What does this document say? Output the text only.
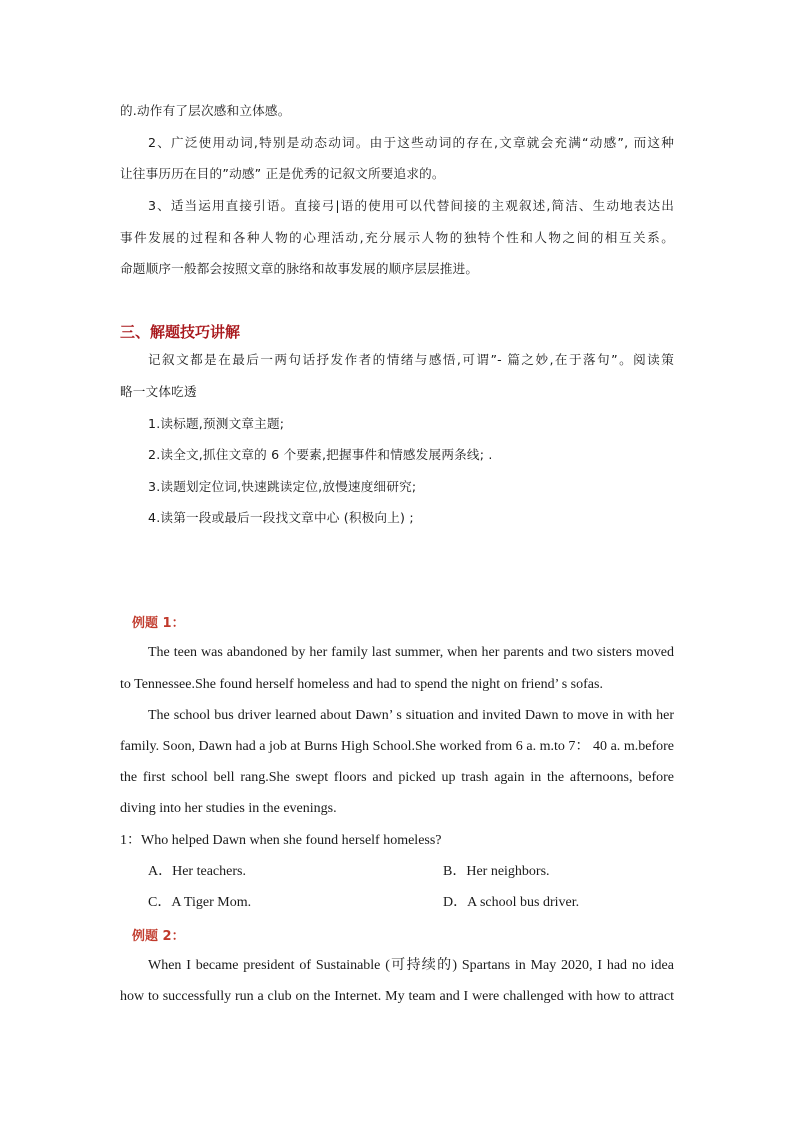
的.动作有了层次感和立体感。
2、广泛使用动词,特别是动态动词。由于这些动词的存在,文章就会充满“动感”, 而这种
让往事历历在目的”动感” 正是优秀的记叙文所要追求的。
3、适当运用直接引语。直接弓|语的使用可以代替间接的主观叙述,简洁、生动地表达出
事件发展的过程和各种人物的心理活动,充分展示人物的独特个性和人物之间的相互关系。
命题顺序一般都会按照文章的脉络和故事发展的顺序层层推进。
三、解题技巧讲解
记叙文都是在最后一两句话抒发作者的情绪与感悟,可谓”- 篇之妙,在于落句”。阅读策
略一文体吃透
1.读标题,预测文章主题;
2.读全文,抓住文章的 6 个要素,把握事件和情感发展两条线; .
3.读题划定位词,快速跳读定位,放慢速度细研究;
4.读第一段或最后一段找文章中心 (积极向上) ;
例题 1：
The teen was abandoned by her family last summer, when her parents and two sisters moved
to Tennessee.She found herself homeless and had to spend the night on friend’ s sofas.
The school bus driver learned about Dawn’ s situation and invited Dawn to move in with her
family. Soon, Dawn had a job at Burns High School.She worked from 6 a. m.to 7： 40 a. m.before
the first school bell rang.She swept floors and picked up trash again in the afternoons, before
diving into her studies in the evenings.
1：Who helped Dawn when she found herself homeless?
A．Her teachers.	B．Her neighbors.
C．A Tiger Mom.	D．A school bus driver.
例题 2：
When I became president of Sustainable (可持续的) Spartans in May 2020, I had no idea
how to successfully run a club on the Internet. My team and I were challenged with how to attract
